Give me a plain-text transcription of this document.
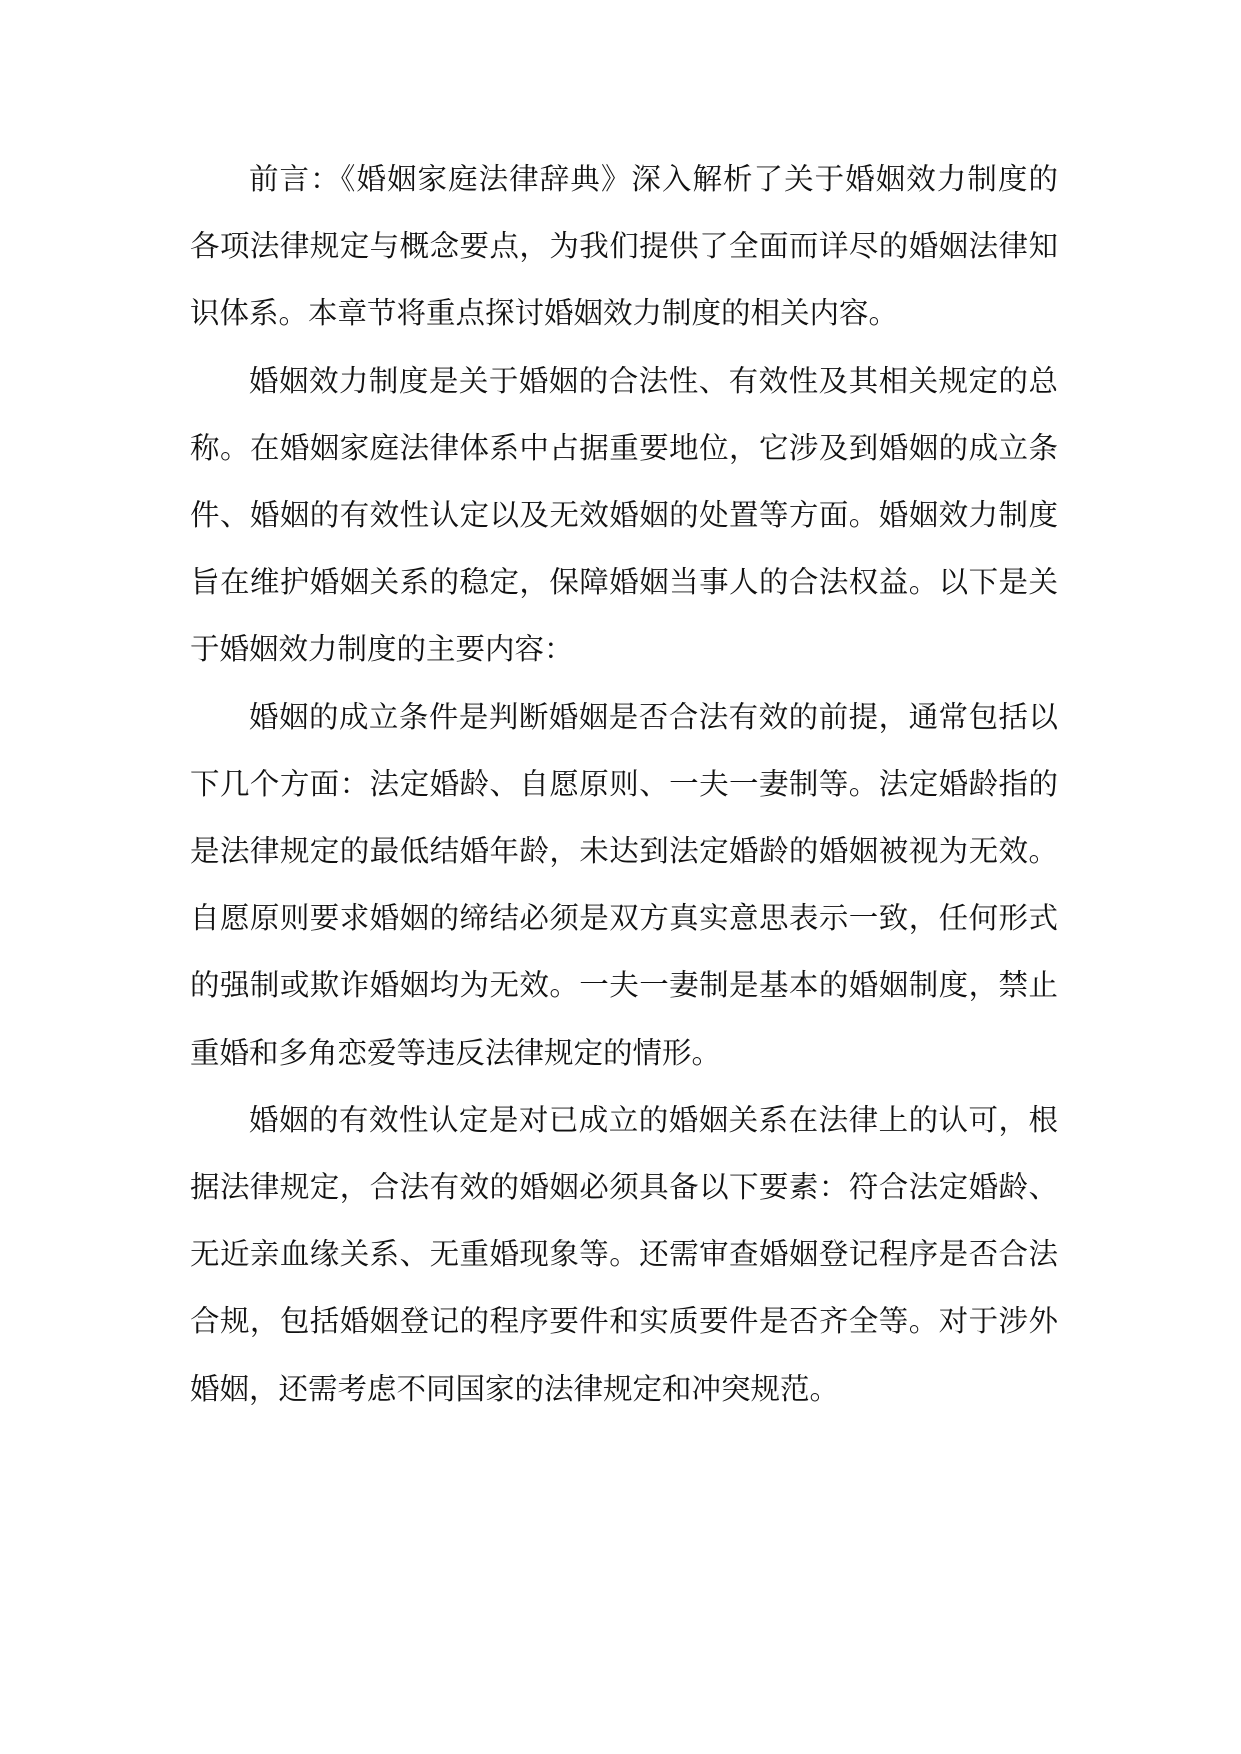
前言：《婚姻家庭法律辞典》深入解析了关于婚姻效力制度的各项法律规定与概念要点，为我们提供了全面而详尽的婚姻法律知识体系。本章节将重点探讨婚姻效力制度的相关内容。

婚姻效力制度是关于婚姻的合法性、有效性及其相关规定的总称。在婚姻家庭法律体系中占据重要地位，它涉及到婚姻的成立条件、婚姻的有效性认定以及无效婚姻的处置等方面。婚姻效力制度旨在维护婚姻关系的稳定，保障婚姻当事人的合法权益。以下是关于婚姻效力制度的主要内容：

婚姻的成立条件是判断婚姻是否合法有效的前提，通常包括以下几个方面：法定婚龄、自愿原则、一夫一妻制等。法定婚龄指的是法律规定的最低结婚年龄，未达到法定婚龄的婚姻被视为无效。自愿原则要求婚姻的缔结必须是双方真实意思表示一致，任何形式的强制或欺诈婚姻均为无效。一夫一妻制是基本的婚姻制度，禁止重婚和多角恋爱等违反法律规定的情形。

婚姻的有效性认定是对已成立的婚姻关系在法律上的认可，根据法律规定，合法有效的婚姻必须具备以下要素：符合法定婚龄、无近亲血缘关系、无重婚现象等。还需审查婚姻登记程序是否合法合规，包括婚姻登记的程序要件和实质要件是否齐全等。对于涉外婚姻，还需考虑不同国家的法律规定和冲突规范。
